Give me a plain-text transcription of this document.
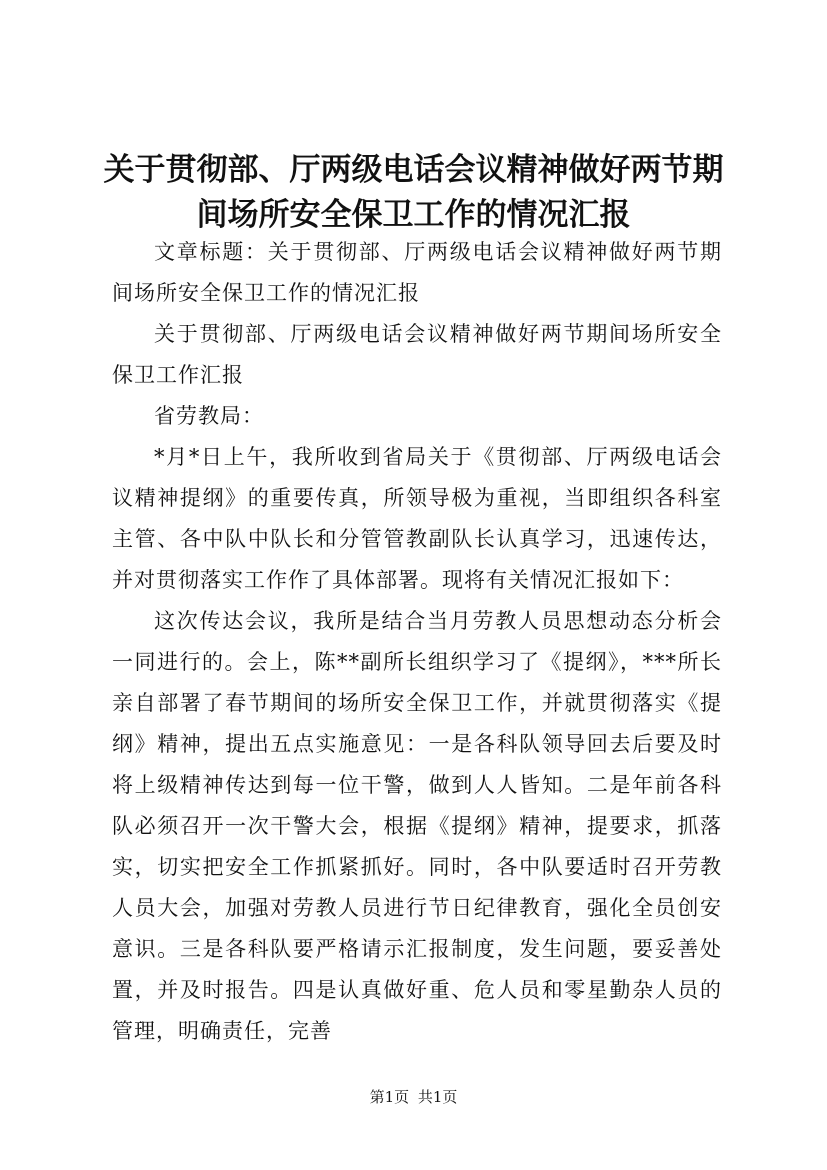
关于贯彻部、厅两级电话会议精神做好两节期间场所安全保卫工作的情况汇报

文章标题：关于贯彻部、厅两级电话会议精神做好两节期间场所安全保卫工作的情况汇报

关于贯彻部、厅两级电话会议精神做好两节期间场所安全保卫工作汇报

省劳教局：

*月*日上午，我所收到省局关于《贯彻部、厅两级电话会议精神提纲》的重要传真，所领导极为重视，当即组织各科室主管、各中队中队长和分管管教副队长认真学习，迅速传达，并对贯彻落实工作作了具体部署。现将有关情况汇报如下：

这次传达会议，我所是结合当月劳教人员思想动态分析会一同进行的。会上，陈**副所长组织学习了《提纲》，***所长亲自部署了春节期间的场所安全保卫工作，并就贯彻落实《提纲》精神，提出五点实施意见：一是各科队领导回去后要及时将上级精神传达到每一位干警，做到人人皆知。二是年前各科队必须召开一次干警大会，根据《提纲》精神，提要求，抓落实，切实把安全工作抓紧抓好。同时，各中队要适时召开劳教人员大会，加强对劳教人员进行节日纪律教育，强化全员创安意识。三是各科队要严格请示汇报制度，发生问题，要妥善处置，并及时报告。四是认真做好重、危人员和零星勤杂人员的管理，明确责任，完善

第1页 共1页
